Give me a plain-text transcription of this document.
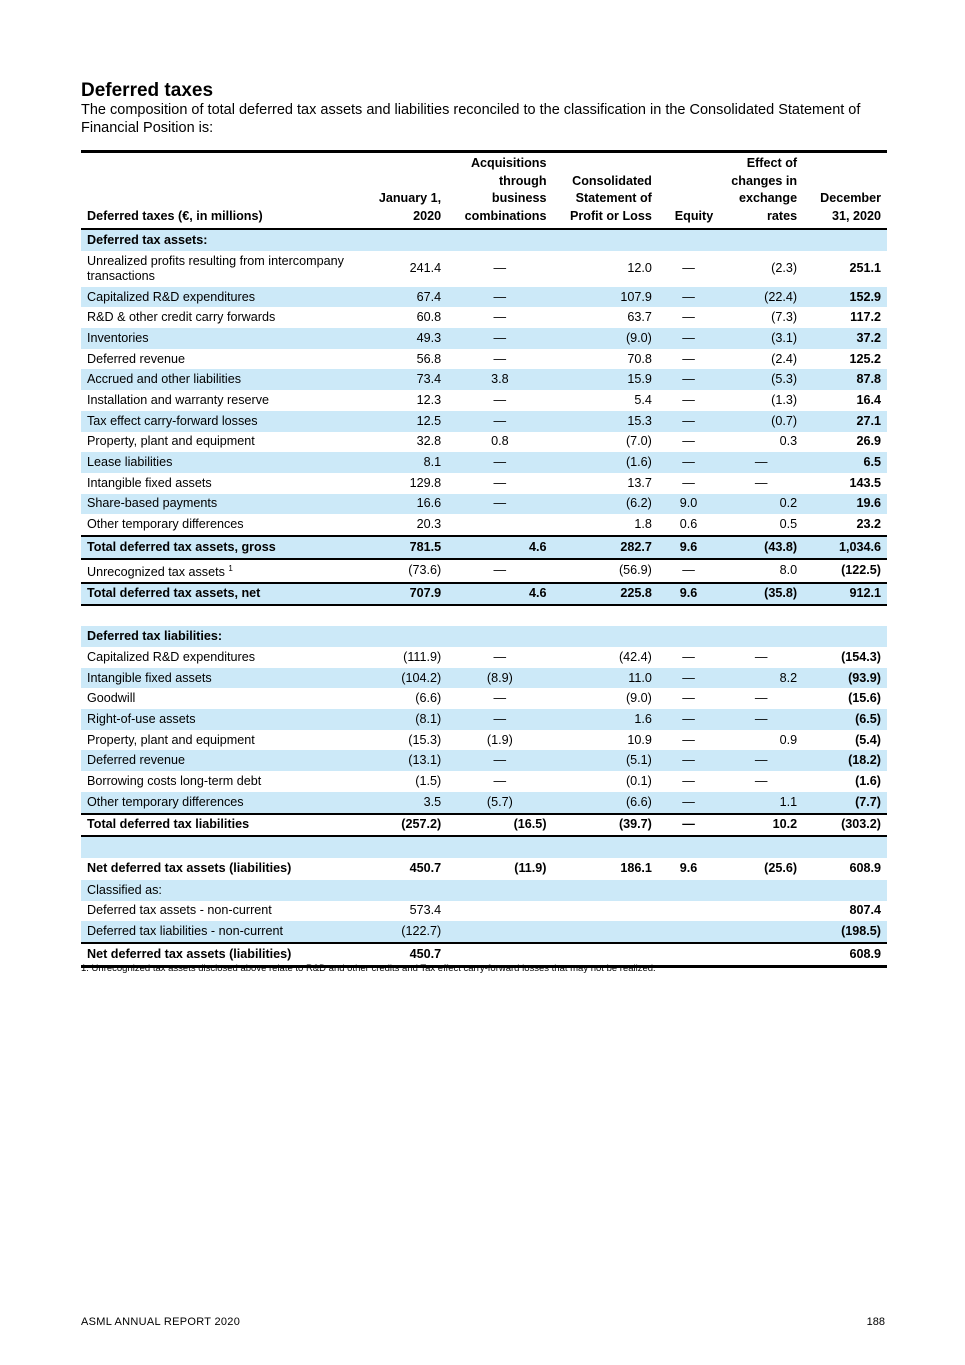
Deferred taxes

The composition of total deferred tax assets and liabilities reconciled to the classification in the Consolidated Statement of Financial Position is:

Deferred taxes (€, in millions)	January 1, 2020	Acquisitions through business combinations	Consolidated Statement of Profit or Loss	Equity	Effect of changes in exchange rates	December 31, 2020
Deferred tax assets:						
Unrealized profits resulting from intercompany transactions	241.4	—	12.0	—	(2.3)	251.1
Capitalized R&D expenditures	67.4	—	107.9	—	(22.4)	152.9
R&D & other credit carry forwards	60.8	—	63.7	—	(7.3)	117.2
Inventories	49.3	—	(9.0)	—	(3.1)	37.2
Deferred revenue	56.8	—	70.8	—	(2.4)	125.2
Accrued and other liabilities	73.4	3.8	15.9	—	(5.3)	87.8
Installation and warranty reserve	12.3	—	5.4	—	(1.3)	16.4
Tax effect carry-forward losses	12.5	—	15.3	—	(0.7)	27.1
Property, plant and equipment	32.8	0.8	(7.0)	—	0.3	26.9
Lease liabilities	8.1	—	(1.6)	—	—	6.5
Intangible fixed assets	129.8	—	13.7	—	—	143.5
Share-based payments	16.6	—	(6.2)	9.0	0.2	19.6
Other temporary differences	20.3		1.8	0.6	0.5	23.2
Total deferred tax assets, gross	781.5	4.6	282.7	9.6	(43.8)	1,034.6
Unrecognized tax assets $^1$	(73.6)	—	(56.9)	—	8.0	(122.5)
Total deferred tax assets, net	707.9	4.6	225.8	9.6	(35.8)	912.1

Deferred tax liabilities:						
Capitalized R&D expenditures	(111.9)	—	(42.4)	—	—	(154.3)
Intangible fixed assets	(104.2)	(8.9)	11.0	—	8.2	(93.9)
Goodwill	(6.6)	—	(9.0)	—	—	(15.6)
Right-of-use assets	(8.1)	—	1.6	—	—	(6.5)
Property, plant and equipment	(15.3)	(1.9)	10.9	—	0.9	(5.4)
Deferred revenue	(13.1)	—	(5.1)	—	—	(18.2)
Borrowing costs long-term debt	(1.5)	—	(0.1)	—	—	(1.6)
Other temporary differences	3.5	(5.7)	(6.6)	—	1.1	(7.7)
Total deferred tax liabilities	(257.2)	(16.5)	(39.7)	—	10.2	(303.2)

Net deferred tax assets (liabilities)	450.7	(11.9)	186.1	9.6	(25.6)	608.9
Classified as:						
Deferred tax assets - non-current	573.4					807.4
Deferred tax liabilities - non-current	(122.7)					(198.5)
Net deferred tax assets (liabilities)	450.7					608.9
1. Unrecognized tax assets disclosed above relate to R&D and other credits and Tax effect carry-forward losses that may not be realized.
ASML ANNUAL REPORT 2020	188
